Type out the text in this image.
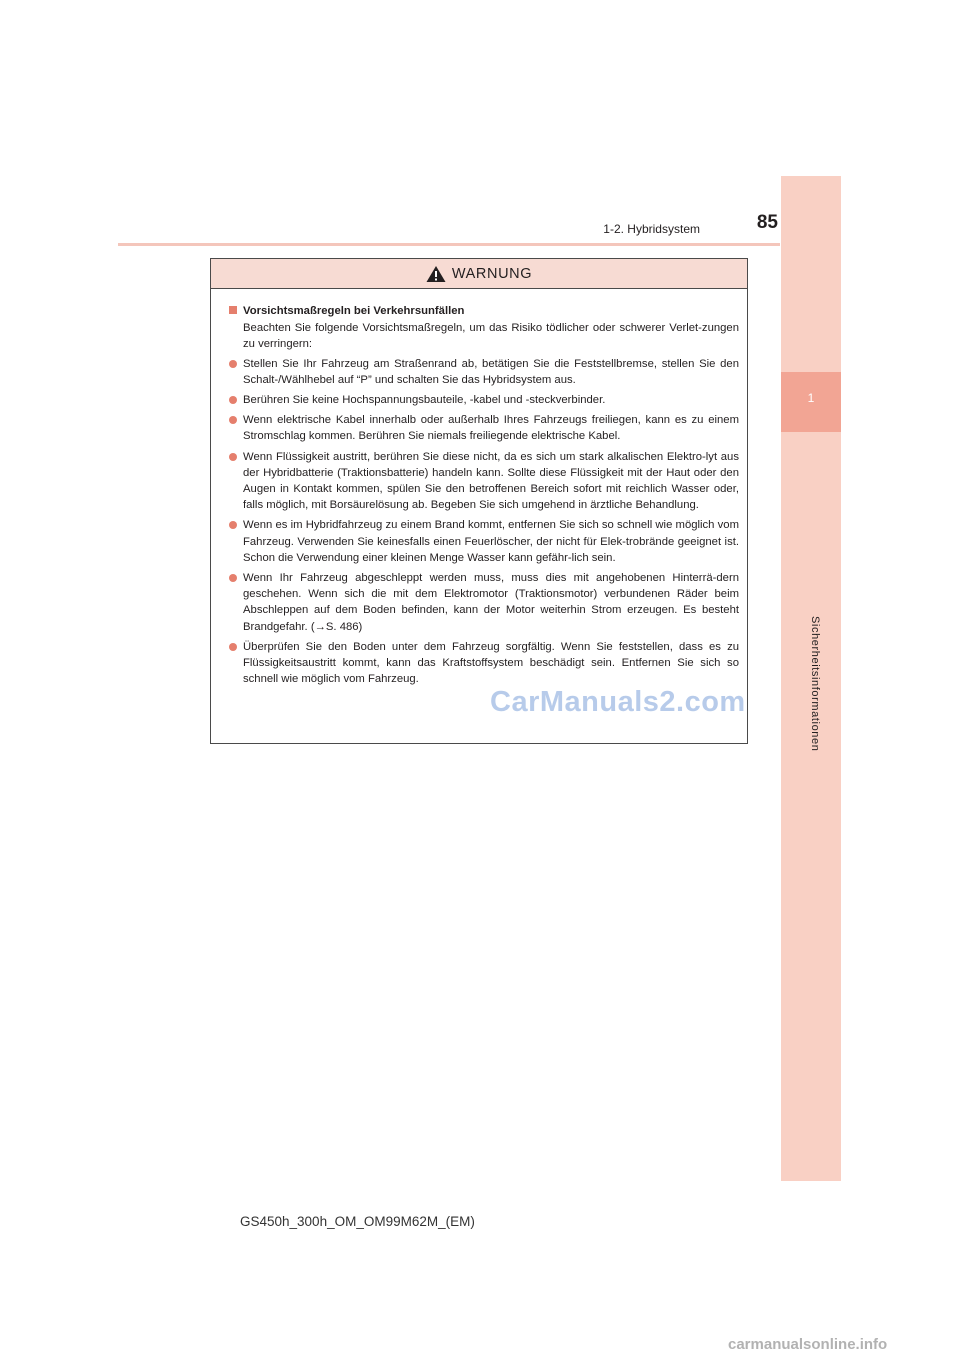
85
1-2. Hybridsystem
1
Sicherheitsinformationen
WARNUNG
Vorsichtsmaßregeln bei Verkehrsunfällen
Beachten Sie folgende Vorsichtsmaßregeln, um das Risiko tödlicher oder schwerer Verlet-zungen zu verringern:
Stellen Sie Ihr Fahrzeug am Straßenrand ab, betätigen Sie die Feststellbremse, stellen Sie den Schalt-/Wählhebel auf “P” und schalten Sie das Hybridsystem aus.
Berühren Sie keine Hochspannungsbauteile, -kabel und -steckverbinder.
Wenn elektrische Kabel innerhalb oder außerhalb Ihres Fahrzeugs freiliegen, kann es zu einem Stromschlag kommen. Berühren Sie niemals freiliegende elektrische Kabel.
Wenn Flüssigkeit austritt, berühren Sie diese nicht, da es sich um stark alkalischen Elektro-lyt aus der Hybridbatterie (Traktionsbatterie) handeln kann. Sollte diese Flüssigkeit mit der Haut oder den Augen in Kontakt kommen, spülen Sie den betroffenen Bereich sofort mit reichlich Wasser oder, falls möglich, mit Borsäurelösung ab. Begeben Sie sich umgehend in ärztliche Behandlung.
Wenn es im Hybridfahrzeug zu einem Brand kommt, entfernen Sie sich so schnell wie möglich vom Fahrzeug. Verwenden Sie keinesfalls einen Feuerlöscher, der nicht für Elek-trobrände geeignet ist. Schon die Verwendung einer kleinen Menge Wasser kann gefähr-lich sein.
Wenn Ihr Fahrzeug abgeschleppt werden muss, muss dies mit angehobenen Hinterrä-dern geschehen. Wenn sich die mit dem Elektromotor (Traktionsmotor) verbundenen Räder beim Abschleppen auf dem Boden befinden, kann der Motor weiterhin Strom erzeugen. Es besteht Brandgefahr. (→S. 486)
Überprüfen Sie den Boden unter dem Fahrzeug sorgfältig. Wenn Sie feststellen, dass es zu Flüssigkeitsaustritt kommt, kann das Kraftstoffsystem beschädigt sein. Entfernen Sie sich so schnell wie möglich vom Fahrzeug.
CarManuals2.com
GS450h_300h_OM_OM99M62M_(EM)
carmanualsonline.info
